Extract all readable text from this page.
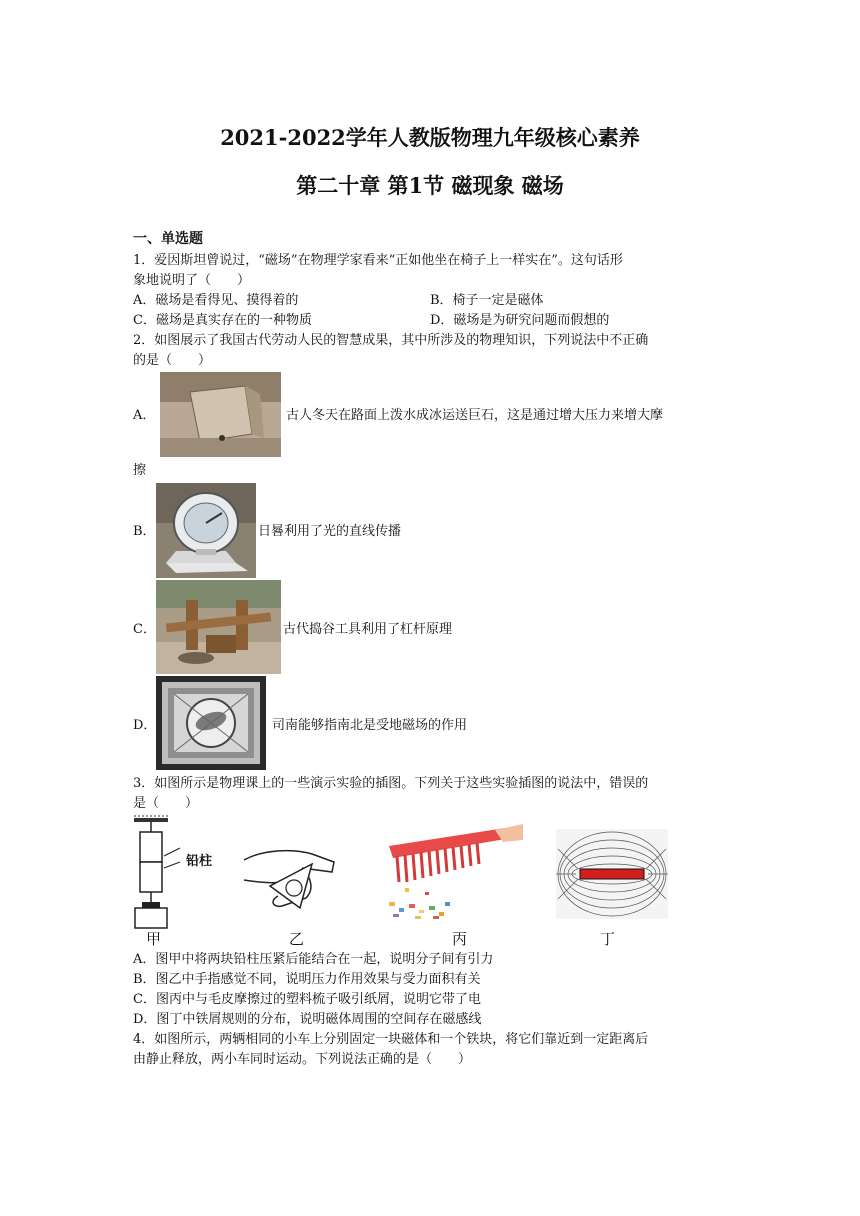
2021-2022学年人教版物理九年级核心素养
第二十章 第1节 磁现象 磁场
一、单选题
1．爱因斯坦曾说过，“磁场”在物理学家看来“正如他坐在椅子上一样实在”。这句话形
象地说明了（　　）
A．磁场是看得见、摸得着的	B．椅子一定是磁体
C．磁场是真实存在的一种物质	D．磁场是为研究问题而假想的
2．如图展示了我国古代劳动人民的智慧成果，其中所涉及的物理知识，下列说法中不正确
的是（　　）
A．	古人冬天在路面上泼水成冰运送巨石，这是通过增大压力来增大摩
擦
B．	日晷利用了光的直线传播
C．	古代捣谷工具利用了杠杆原理
D．	司南能够指南北是受地磁场的作用
3．如图所示是物理课上的一些演示实验的插图。下列关于这些实验插图的说法中，错误的
是（　　）
铅柱
甲	乙	丙	丁
A．图甲中将两块铅柱压紧后能结合在一起，说明分子间有引力
B．图乙中手指感觉不同，说明压力作用效果与受力面积有关
C．图丙中与毛皮摩擦过的塑料梳子吸引纸屑，说明它带了电
D．图丁中铁屑规则的分布，说明磁体周围的空间存在磁感线
4．如图所示，两辆相同的小车上分别固定一块磁体和一个铁块，将它们靠近到一定距离后
由静止释放，两小车同时运动。下列说法正确的是（　　）
